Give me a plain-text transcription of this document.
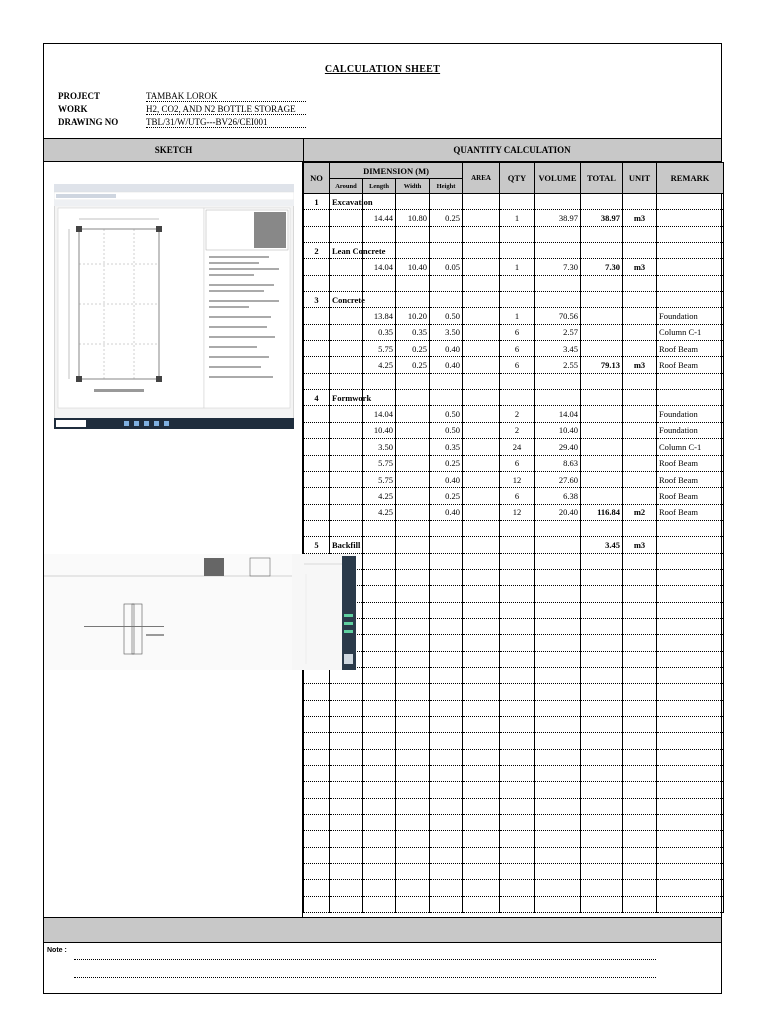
CALCULATION SHEET
PROJECT	TAMBAK LOROK
WORK	H2, CO2, AND N2 BOTTLE STORAGE
DRAWING NO	TBL/31/W/UTG---BV26/CEI001
SKETCH	QUANTITY CALCULATION
NO	DIMENSION (M)				AREA	QTY	VOLUME	TOTAL	UNIT	REMARK
	Around	Length	Width	Height						
1	Excavation									
		14.44	10.80	0.25		1	38.97	38.97	m3	

2	Lean Concrete									
		14.04	10.40	0.05		1	7.30	7.30	m3	

3	Concrete									
		13.84	10.20	0.50		1	70.56			Foundation
		0.35	0.35	3.50		6	2.57			Column C-1
		5.75	0.25	0.40		6	3.45			Roof Beam
		4.25	0.25	0.40		6	2.55	79.13	m3	Roof Beam

4	Formwork									
		14.04		0.50		2	14.04			Foundation
		10.40		0.50		2	10.40			Foundation
		3.50		0.35		24	29.40			Column C-1
		5.75		0.25		6	8.63			Roof Beam
		5.75		0.40		12	27.60			Roof Beam
		4.25		0.25		6	6.38			Roof Beam
		4.25		0.40		12	20.40	116.84	m2	Roof Beam

5	Backfill							3.45	m3	

Note :
